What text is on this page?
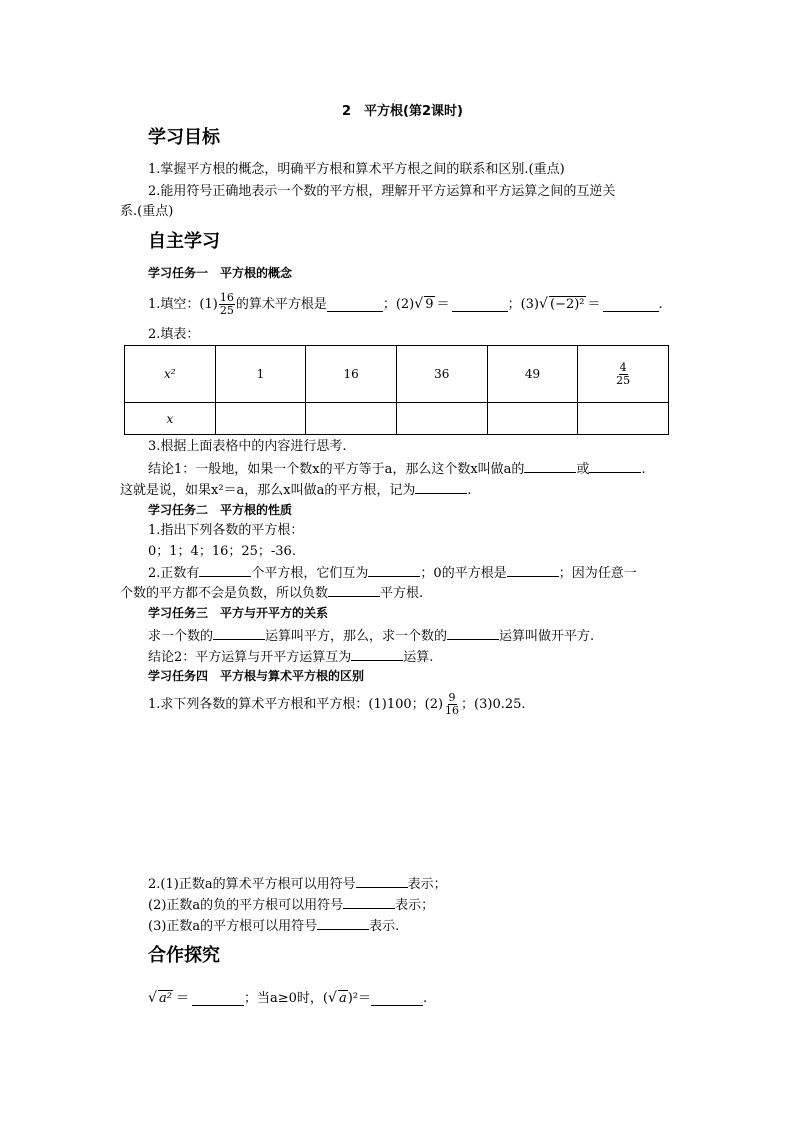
2　平方根(第2课时)
学习目标
1.掌握平方根的概念，明确平方根和算术平方根之间的联系和区别.(重点)
2.能用符号正确地表示一个数的平方根，理解开平方运算和平方运算之间的互逆关
系.(重点)
自主学习
学习任务一　平方根的概念
1.填空：$(1) \frac{16}{25}$ 的算术平方根是	；(2) √ 9 ＝	；(3) √ (−2)² ＝	.
2.填表：
x²	1	16	36	49	$\frac{4}{25}$

x					
3.根据上面表格中的内容进行思考.
结论1：一般地，如果一个数x的平方等于a，那么这个数x叫做a的	或	.
这就是说，如果x²＝a，那么x叫做a的平方根，记为	.
学习任务二　平方根的性质
1.指出下列各数的平方根：
0；1；4；16；25；-36.
2.正数有	个平方根，它们互为	；0的平方根是	；因为任意一
个数的平方都不会是负数，所以负数	平方根.
学习任务三　平方与开平方的关系
求一个数的	运算叫平方，那么，求一个数的	运算叫做开平方.
结论2：平方运算与开平方运算互为	运算.
学习任务四　平方根与算术平方根的区别
1.求下列各数的算术平方根和平方根：(1)100；$(2) \frac{9}{16}$ ；(3)0.25.
2.(1)正数a的算术平方根可以用符号	表示；
(2)正数a的负的平方根可以用符号	表示；
(3)正数a的平方根可以用符号	表示.
合作探究
√ a² ＝	；当a≥0时，( √ a )²＝	.
